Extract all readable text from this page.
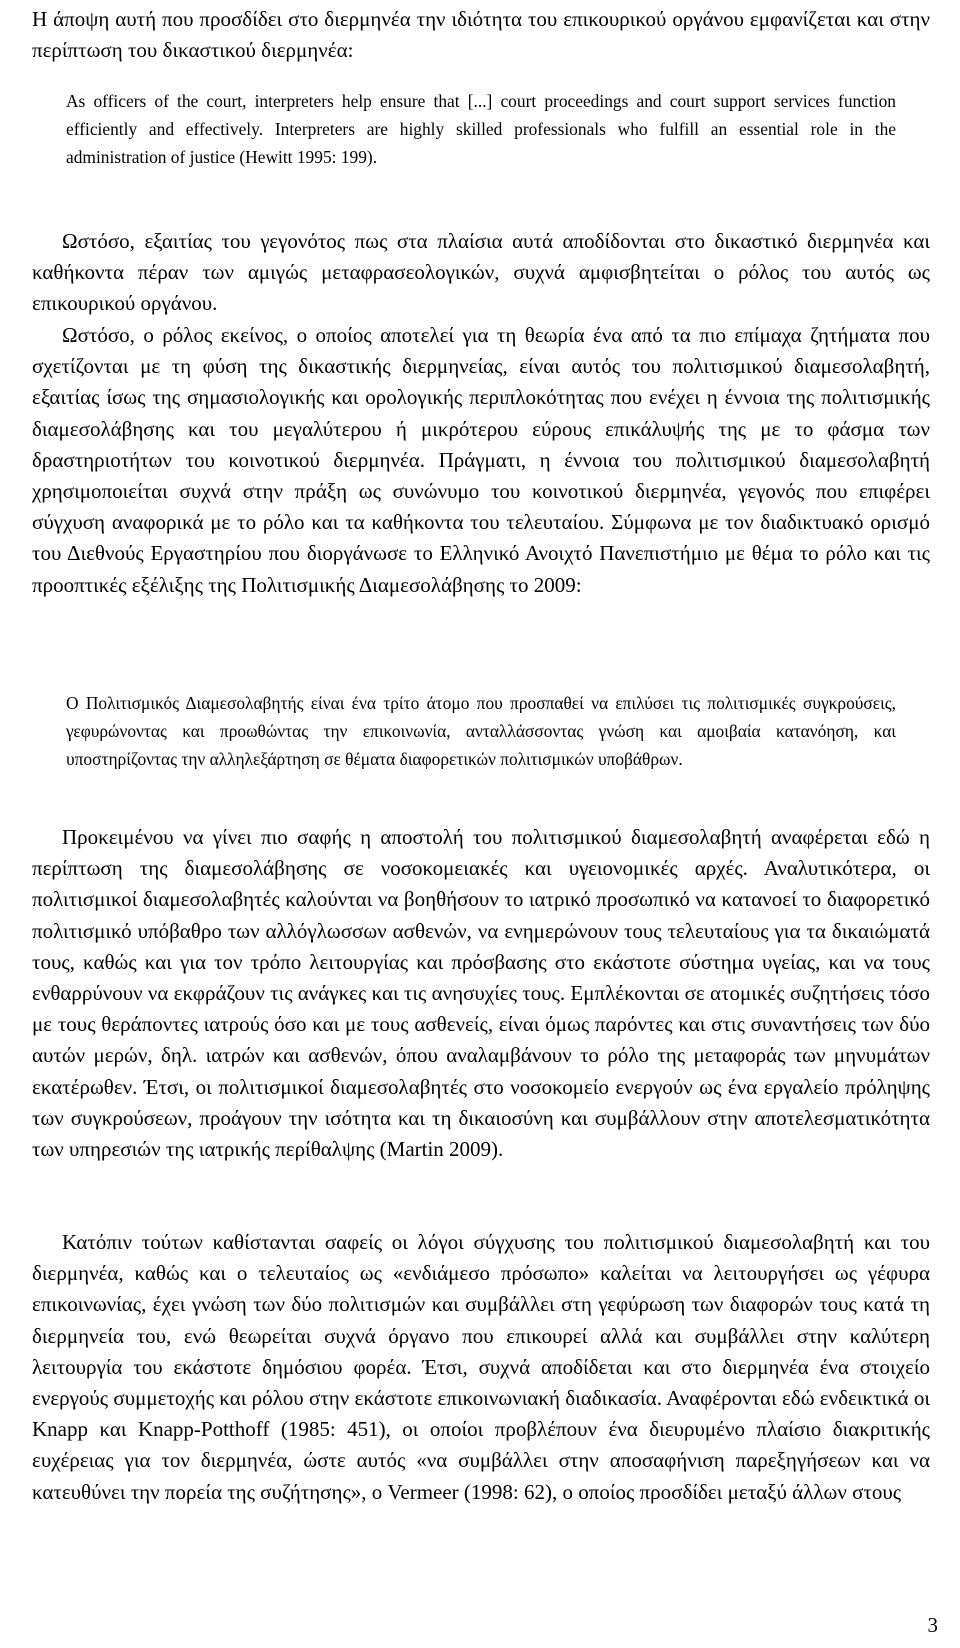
Η άποψη αυτή που προσδίδει στο διερμηνέα την ιδιότητα του επικουρικού οργάνου εμφανίζεται και στην περίπτωση του δικαστικού διερμηνέα:

As officers of the court, interpreters help ensure that [...] court proceedings and court support services function efficiently and effectively. Interpreters are highly skilled professionals who fulfill an essential role in the administration of justice (Hewitt 1995: 199).

Ωστόσο, εξαιτίας του γεγονότος πως στα πλαίσια αυτά αποδίδονται στο δικαστικό διερμηνέα και καθήκοντα πέραν των αμιγώς μεταφρασεολογικών, συχνά αμφισβητείται ο ρόλος του αυτός ως επικουρικού οργάνου.

Ωστόσο, ο ρόλος εκείνος, ο οποίος αποτελεί για τη θεωρία ένα από τα πιο επίμαχα ζητήματα που σχετίζονται με τη φύση της δικαστικής διερμηνείας, είναι αυτός του πολιτισμικού διαμεσολαβητή, εξαιτίας ίσως της σημασιολογικής και ορολογικής περιπλοκότητας που ενέχει η έννοια της πολιτισμικής διαμεσολάβησης και του μεγαλύτερου ή μικρότερου εύρους επικάλυψής της με το φάσμα των δραστηριοτήτων του κοινοτικού διερμηνέα. Πράγματι, η έννοια του πολιτισμικού διαμεσολαβητή χρησιμοποιείται συχνά στην πράξη ως συνώνυμο του κοινοτικού διερμηνέα, γεγονός που επιφέρει σύγχυση αναφορικά με το ρόλο και τα καθήκοντα του τελευταίου. Σύμφωνα με τον διαδικτυακό ορισμό του Διεθνούς Εργαστηρίου που διοργάνωσε το Ελληνικό Ανοιχτό Πανεπιστήμιο με θέμα το ρόλο και τις προοπτικές εξέλιξης της Πολιτισμικής Διαμεσολάβησης το 2009:

Ο Πολιτισμικός Διαμεσολαβητής είναι ένα τρίτο άτομο που προσπαθεί να επιλύσει τις πολιτισμικές συγκρούσεις, γεφυρώνοντας και προωθώντας την επικοινωνία, ανταλλάσσοντας γνώση και αμοιβαία κατανόηση, και υποστηρίζοντας την αλληλεξάρτηση σε θέματα διαφορετικών πολιτισμικών υποβάθρων.

Προκειμένου να γίνει πιο σαφής η αποστολή του πολιτισμικού διαμεσολαβητή αναφέρεται εδώ η περίπτωση της διαμεσολάβησης σε νοσοκομειακές και υγειονομικές αρχές. Αναλυτικότερα, οι πολιτισμικοί διαμεσολαβητές καλούνται να βοηθήσουν το ιατρικό προσωπικό να κατανοεί το διαφορετικό πολιτισμικό υπόβαθρο των αλλόγλωσσων ασθενών, να ενημερώνουν τους τελευταίους για τα δικαιώματά τους, καθώς και για τον τρόπο λειτουργίας και πρόσβασης στο εκάστοτε σύστημα υγείας, και να τους ενθαρρύνουν να εκφράζουν τις ανάγκες και τις ανησυχίες τους. Εμπλέκονται σε ατομικές συζητήσεις τόσο με τους θεράποντες ιατρούς όσο και με τους ασθενείς, είναι όμως παρόντες και στις συναντήσεις των δύο αυτών μερών, δηλ. ιατρών και ασθενών, όπου αναλαμβάνουν το ρόλο της μεταφοράς των μηνυμάτων εκατέρωθεν. Έτσι, οι πολιτισμικοί διαμεσολαβητές στο νοσοκομείο ενεργούν ως ένα εργαλείο πρόληψης των συγκρούσεων, προάγουν την ισότητα και τη δικαιοσύνη και συμβάλλουν στην αποτελεσματικότητα των υπηρεσιών της ιατρικής περίθαλψης (Martin 2009).

Κατόπιν τούτων καθίστανται σαφείς οι λόγοι σύγχυσης του πολιτισμικού διαμεσολαβητή και του διερμηνέα, καθώς και ο τελευταίος ως «ενδιάμεσο πρόσωπο» καλείται να λειτουργήσει ως γέφυρα επικοινωνίας, έχει γνώση των δύο πολιτισμών και συμβάλλει στη γεφύρωση των διαφορών τους κατά τη διερμηνεία του, ενώ θεωρείται συχνά όργανο που επικουρεί αλλά και συμβάλλει στην καλύτερη λειτουργία του εκάστοτε δημόσιου φορέα. Έτσι, συχνά αποδίδεται και στο διερμηνέα ένα στοιχείο ενεργούς συμμετοχής και ρόλου στην εκάστοτε επικοινωνιακή διαδικασία. Αναφέρονται εδώ ενδεικτικά οι Knapp και Knapp-Potthoff (1985: 451), οι οποίοι προβλέπουν ένα διευρυμένο πλαίσιο διακριτικής ευχέρειας για τον διερμηνέα, ώστε αυτός «να συμβάλλει στην αποσαφήνιση παρεξηγήσεων και να κατευθύνει την πορεία της συζήτησης», ο Vermeer (1998: 62), ο οποίος προσδίδει μεταξύ άλλων στους

3
